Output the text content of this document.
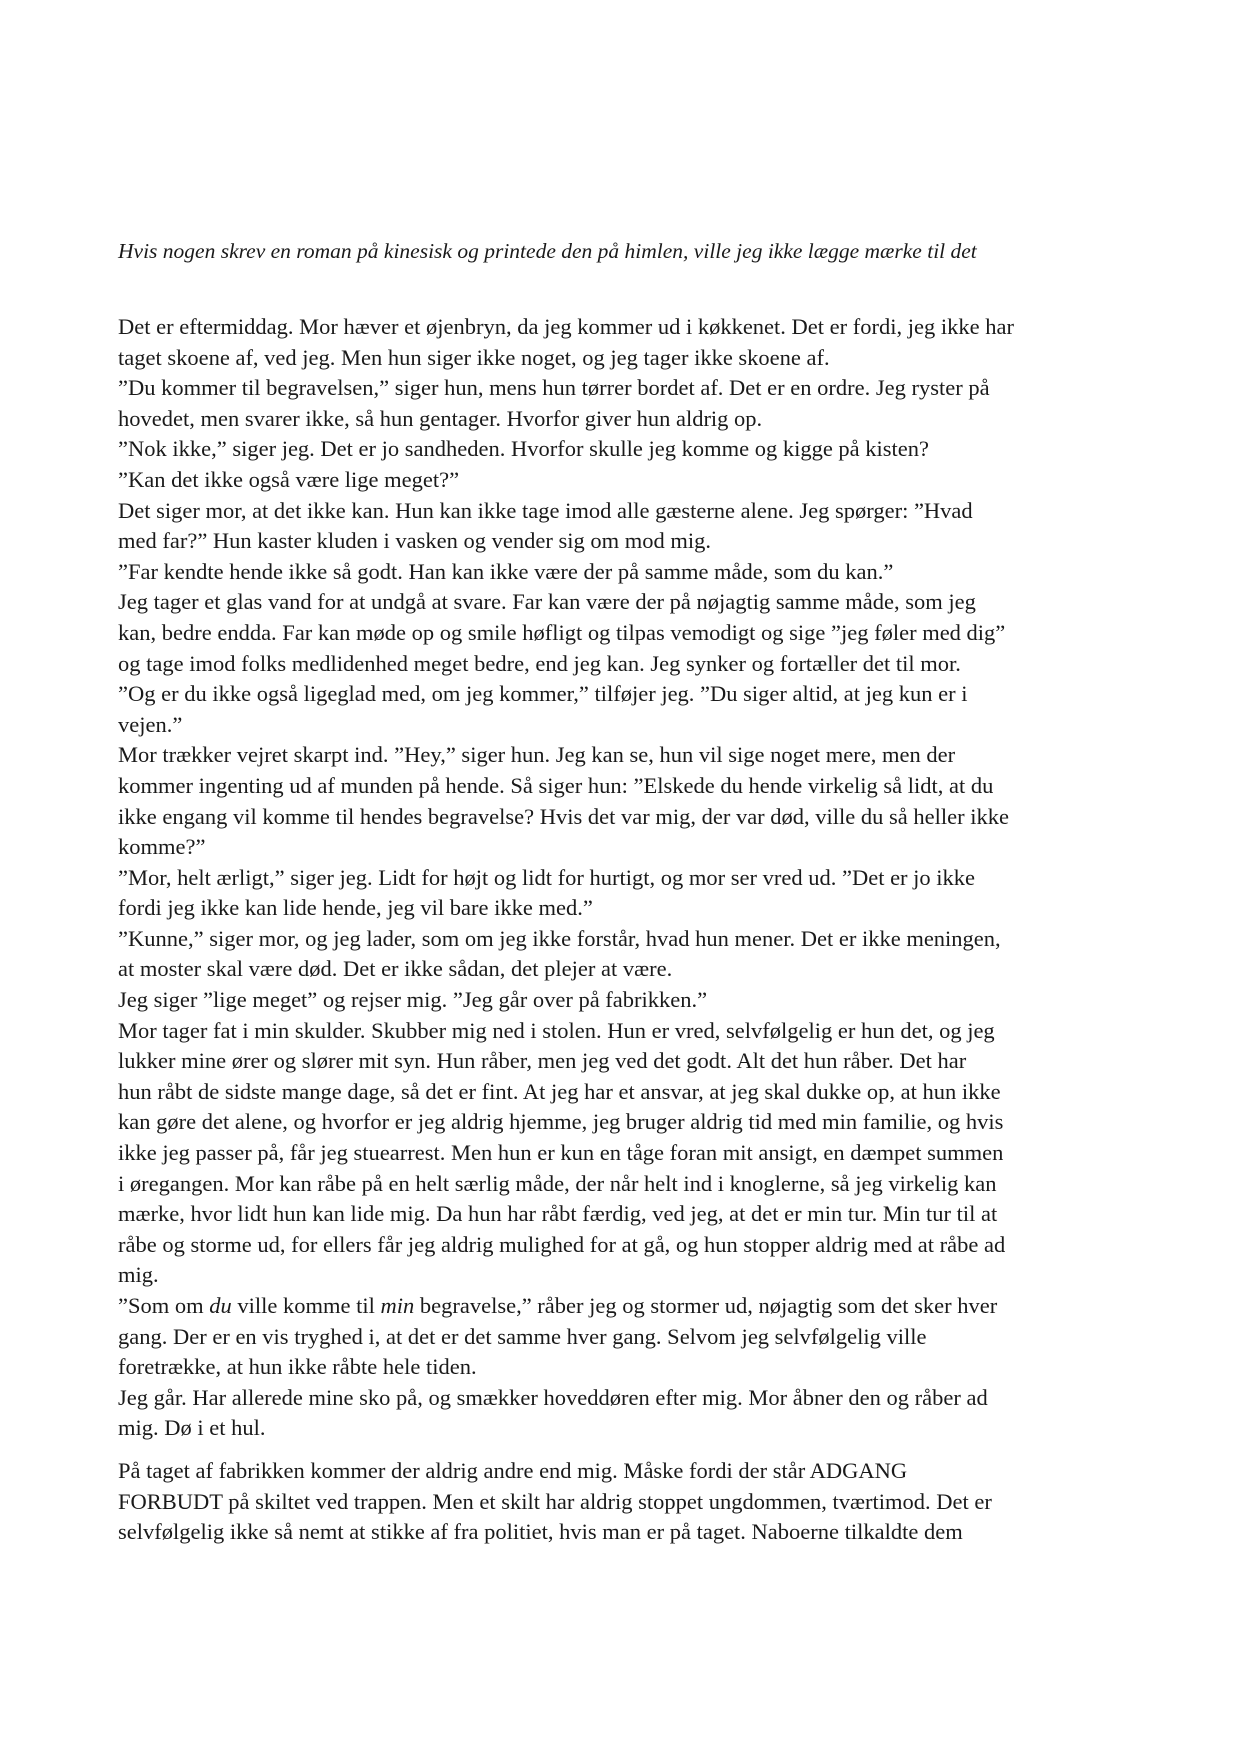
Hvis nogen skrev en roman på kinesisk og printede den på himlen, ville jeg ikke lægge mærke til det

Det er eftermiddag. Mor hæver et øjenbryn, da jeg kommer ud i køkkenet. Det er fordi, jeg ikke har
taget skoene af, ved jeg. Men hun siger ikke noget, og jeg tager ikke skoene af.
”Du kommer til begravelsen,” siger hun, mens hun tørrer bordet af. Det er en ordre. Jeg ryster på
hovedet, men svarer ikke, så hun gentager. Hvorfor giver hun aldrig op.
”Nok ikke,” siger jeg. Det er jo sandheden. Hvorfor skulle jeg komme og kigge på kisten?
”Kan det ikke også være lige meget?”
Det siger mor, at det ikke kan. Hun kan ikke tage imod alle gæsterne alene. Jeg spørger: ”Hvad
med far?” Hun kaster kluden i vasken og vender sig om mod mig.
”Far kendte hende ikke så godt. Han kan ikke være der på samme måde, som du kan.”
Jeg tager et glas vand for at undgå at svare. Far kan være der på nøjagtig samme måde, som jeg
kan, bedre endda. Far kan møde op og smile høfligt og tilpas vemodigt og sige ”jeg føler med dig”
og tage imod folks medlidenhed meget bedre, end jeg kan. Jeg synker og fortæller det til mor.
”Og er du ikke også ligeglad med, om jeg kommer,” tilføjer jeg. ”Du siger altid, at jeg kun er i
vejen.”
Mor trækker vejret skarpt ind. ”Hey,” siger hun. Jeg kan se, hun vil sige noget mere, men der
kommer ingenting ud af munden på hende. Så siger hun: ”Elskede du hende virkelig så lidt, at du
ikke engang vil komme til hendes begravelse? Hvis det var mig, der var død, ville du så heller ikke
komme?”
”Mor, helt ærligt,” siger jeg. Lidt for højt og lidt for hurtigt, og mor ser vred ud. ”Det er jo ikke
fordi jeg ikke kan lide hende, jeg vil bare ikke med.”
”Kunne,” siger mor, og jeg lader, som om jeg ikke forstår, hvad hun mener. Det er ikke meningen,
at moster skal være død. Det er ikke sådan, det plejer at være.
Jeg siger ”lige meget” og rejser mig. ”Jeg går over på fabrikken.”
Mor tager fat i min skulder. Skubber mig ned i stolen. Hun er vred, selvfølgelig er hun det, og jeg
lukker mine ører og slører mit syn. Hun råber, men jeg ved det godt. Alt det hun råber. Det har
hun råbt de sidste mange dage, så det er fint. At jeg har et ansvar, at jeg skal dukke op, at hun ikke
kan gøre det alene, og hvorfor er jeg aldrig hjemme, jeg bruger aldrig tid med min familie, og hvis
ikke jeg passer på, får jeg stuearrest. Men hun er kun en tåge foran mit ansigt, en dæmpet summen
i øregangen. Mor kan råbe på en helt særlig måde, der når helt ind i knoglerne, så jeg virkelig kan
mærke, hvor lidt hun kan lide mig. Da hun har råbt færdig, ved jeg, at det er min tur. Min tur til at
råbe og storme ud, for ellers får jeg aldrig mulighed for at gå, og hun stopper aldrig med at råbe ad
mig.
”Som om du ville komme til min begravelse,” råber jeg og stormer ud, nøjagtig som det sker hver
gang. Der er en vis tryghed i, at det er det samme hver gang. Selvom jeg selvfølgelig ville
foretrække, at hun ikke råbte hele tiden.
Jeg går. Har allerede mine sko på, og smækker hoveddøren efter mig. Mor åbner den og råber ad
mig. Dø i et hul.

På taget af fabrikken kommer der aldrig andre end mig. Måske fordi der står ADGANG
FORBUDT på skiltet ved trappen. Men et skilt har aldrig stoppet ungdommen, tværtimod. Det er
selvfølgelig ikke så nemt at stikke af fra politiet, hvis man er på taget. Naboerne tilkaldte dem
